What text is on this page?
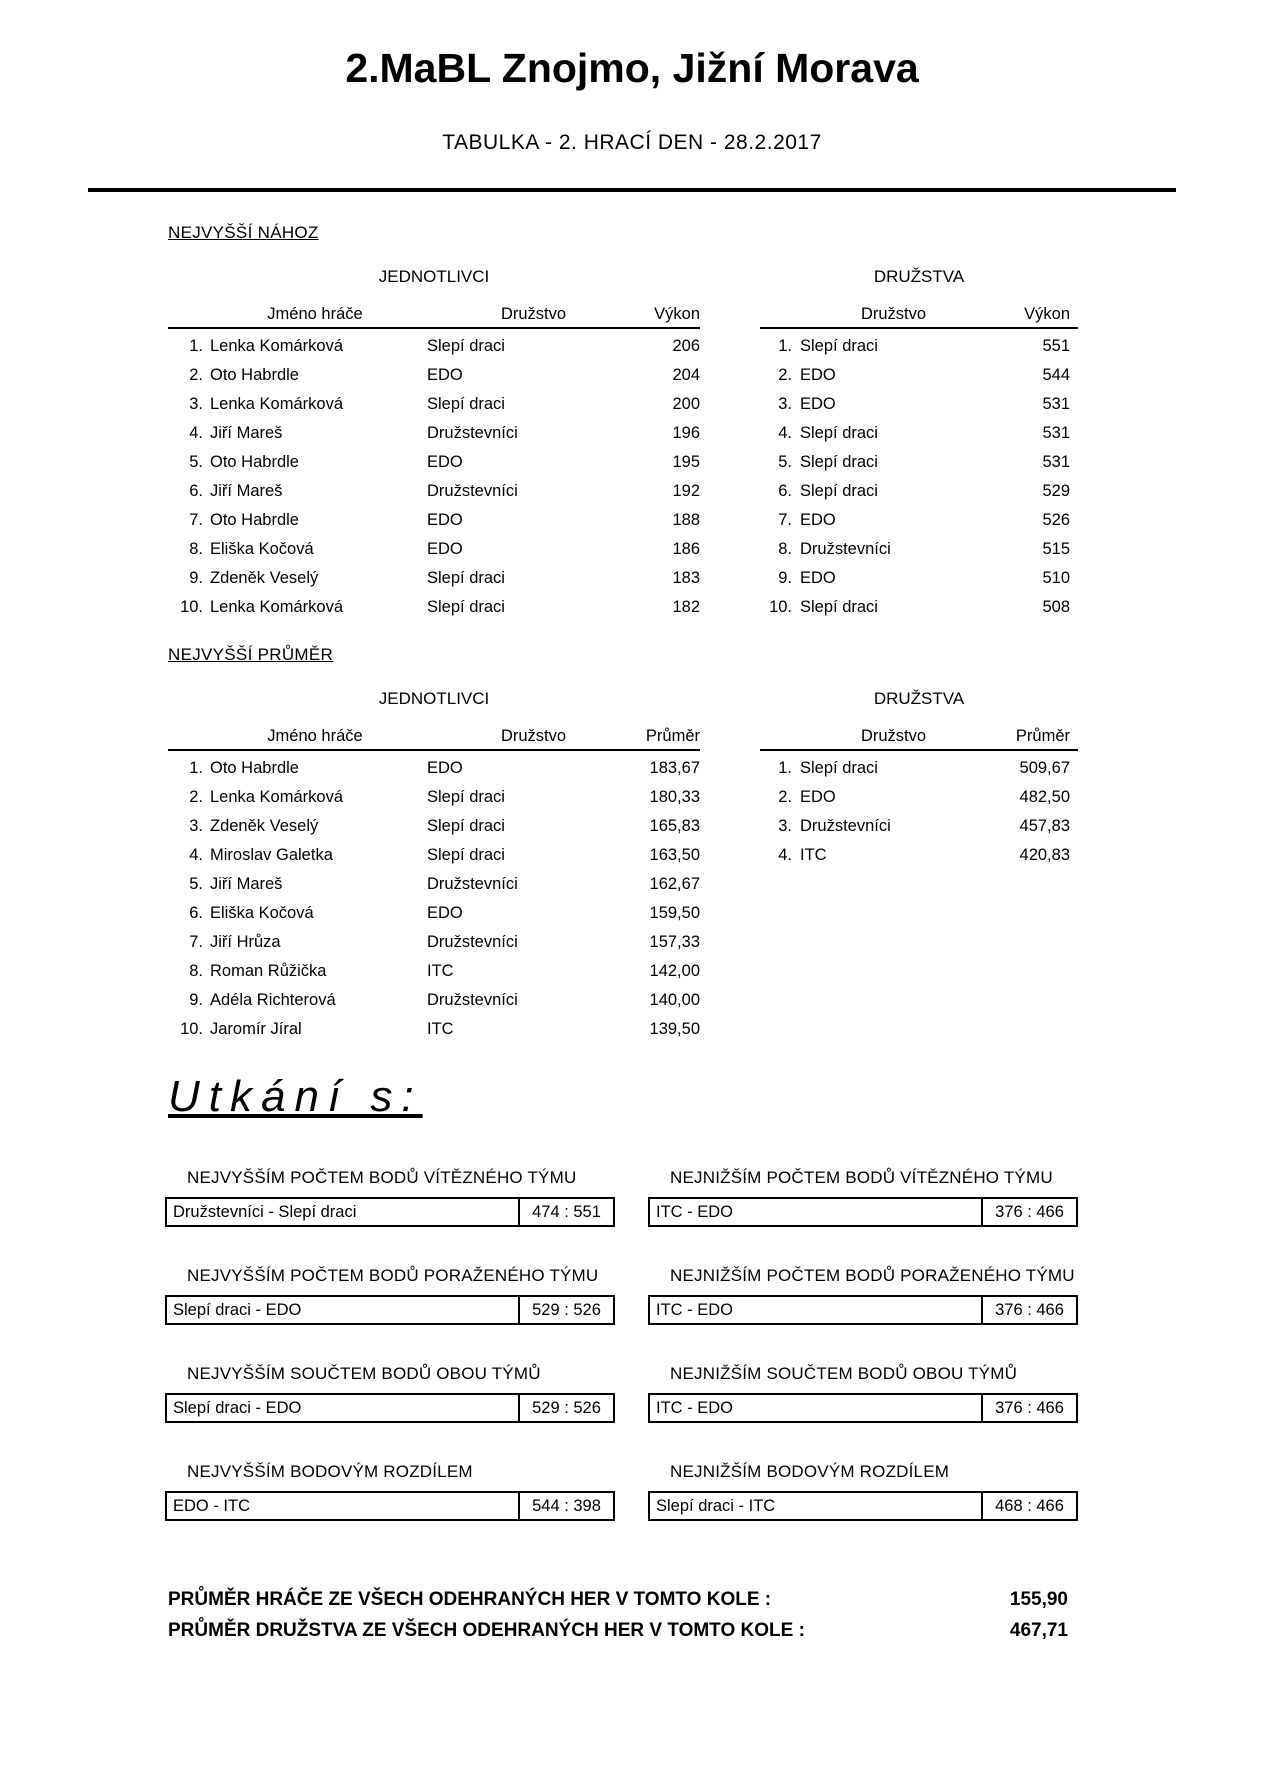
2.MaBL Znojmo, Jižní Morava
TABULKA - 2. HRACÍ DEN - 28.2.2017
NEJVYŠŠÍ NÁHOZ
JEDNOTLIVCI
Jméno hráče	Družstvo	Výkon
1. Lenka Komárková	Slepí draci	206
2. Oto Habrdle	EDO	204
3. Lenka Komárková	Slepí draci	200
4. Jiří Mareš	Družstevníci	196
5. Oto Habrdle	EDO	195
6. Jiří Mareš	Družstevníci	192
7. Oto Habrdle	EDO	188
8. Eliška Kočová	EDO	186
9. Zdeněk Veselý	Slepí draci	183
10. Lenka Komárková	Slepí draci	182
DRUŽSTVA
Družstvo	Výkon
1. Slepí draci	551
2. EDO	544
3. EDO	531
4. Slepí draci	531
5. Slepí draci	531
6. Slepí draci	529
7. EDO	526
8. Družstevníci	515
9. EDO	510
10. Slepí draci	508
NEJVYŠŠÍ PRŮMĚR
JEDNOTLIVCI
Jméno hráče	Družstvo	Průměr
1. Oto Habrdle	EDO	183,67
2. Lenka Komárková	Slepí draci	180,33
3. Zdeněk Veselý	Slepí draci	165,83
4. Miroslav Galetka	Slepí draci	163,50
5. Jiří Mareš	Družstevníci	162,67
6. Eliška Kočová	EDO	159,50
7. Jiří Hrůza	Družstevníci	157,33
8. Roman Růžička	ITC	142,00
9. Adéla Richterová	Družstevníci	140,00
10. Jaromír Jíral	ITC	139,50
DRUŽSTVA
Družstvo	Průměr
1. Slepí draci	509,67
2. EDO	482,50
3. Družstevníci	457,83
4. ITC	420,83
Utkání s:
NEJVYŠŠÍM POČTEM BODŮ VÍTĚZNÉHO TÝMU
Družstevníci - Slepí draci	474 : 551
NEJNIŽŠÍM POČTEM BODŮ VÍTĚZNÉHO TÝMU
ITC - EDO	376 : 466
NEJVYŠŠÍM POČTEM BODŮ PORAŽENÉHO TÝMU
Slepí draci - EDO	529 : 526
NEJNIŽŠÍM POČTEM BODŮ PORAŽENÉHO TÝMU
ITC - EDO	376 : 466
NEJVYŠŠÍM SOUČTEM BODŮ OBOU TÝMŮ
Slepí draci - EDO	529 : 526
NEJNIŽŠÍM SOUČTEM BODŮ OBOU TÝMŮ
ITC - EDO	376 : 466
NEJVYŠŠÍM BODOVÝM ROZDÍLEM
EDO - ITC	544 : 398
NEJNIŽŠÍM BODOVÝM ROZDÍLEM
Slepí draci - ITC	468 : 466
PRŮMĚR HRÁČE ZE VŠECH ODEHRANÝCH HER V TOMTO KOLE :	155,90
PRŮMĚR DRUŽSTVA ZE VŠECH ODEHRANÝCH HER V TOMTO KOLE :	467,71
